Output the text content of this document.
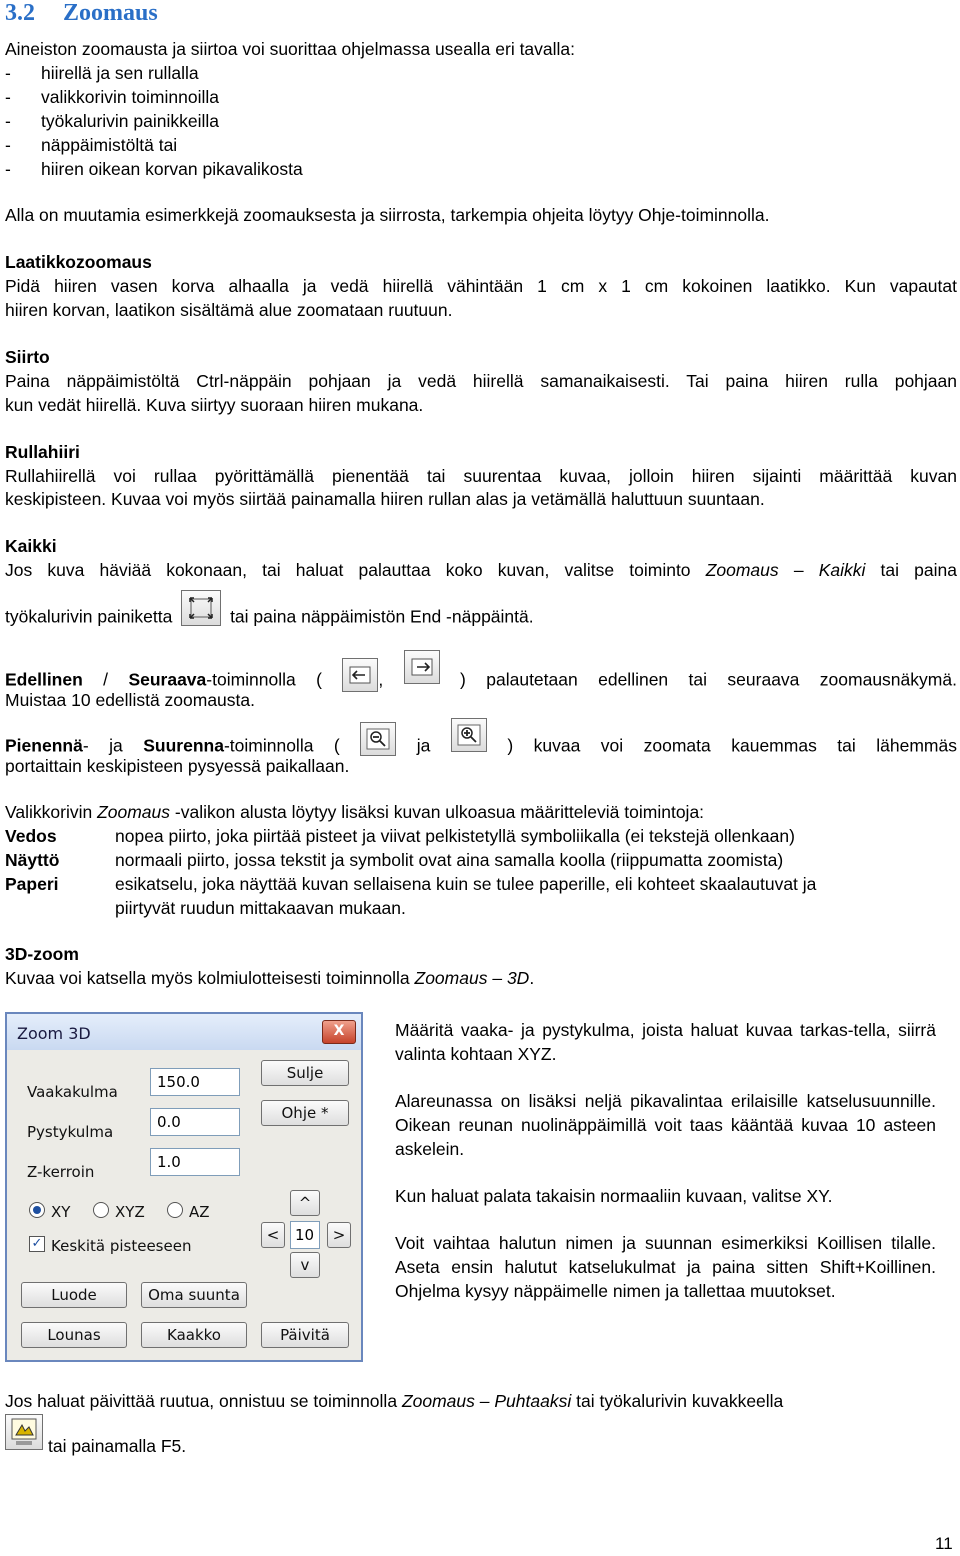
3.2 Zoomaus
Aineiston zoomausta ja siirtoa voi suorittaa ohjelmassa usealla eri tavalla:
- hiirellä ja sen rullalla
- valikkorivin toiminnoilla
- työkalurivin painikkeilla
- näppäimistöltä tai
- hiiren oikean korvan pikavalikosta
Alla on muutamia esimerkkejä zoomauksesta ja siirrosta, tarkempia ohjeita löytyy Ohje-toiminnolla.
Laatikkozoomaus
Pidä hiiren vasen korva alhaalla ja vedä hiirellä vähintään 1 cm x 1 cm kokoinen laatikko. Kun vapautat
hiiren korvan, laatikon sisältämä alue zoomataan ruutuun.
Siirto
Paina näppäimistöltä Ctrl-näppäin pohjaan ja vedä hiirellä samanaikaisesti. Tai paina hiiren rulla pohjaan
kun vedät hiirellä. Kuva siirtyy suoraan hiiren mukana.
Rullahiiri
Rullahiirellä voi rullaa pyörittämällä pienentää tai suurentaa kuvaa, jolloin hiiren sijainti määrittää kuvan
keskipisteen. Kuvaa voi myös siirtää painamalla hiiren rullan alas ja vetämällä haluttuun suuntaan.
Kaikki
Jos kuva häviää kokonaan, tai haluat palauttaa koko kuvan, valitse toiminto Zoomaus – Kaikki tai paina
työkalurivin painiketta	tai paina näppäimistön End -näppäintä.
Edellinen / Seuraava-toiminnolla (	,	) palautetaan edellinen tai seuraava zoomausnäkymä.
Muistaa 10 edellistä zoomausta.
Pienennä- ja Suurenna-toiminnolla (	ja	) kuvaa voi zoomata kauemmas tai lähemmäs
portaittain keskipisteen pysyessä paikallaan.
Valikkorivin Zoomaus -valikon alusta löytyy lisäksi kuvan ulkoasua määritteleviä toimintoja:
Vedos	nopea piirto, joka piirtää pisteet ja viivat pelkistetyllä symboliikalla (ei tekstejä ollenkaan)
Näyttö	normaali piirto, jossa tekstit ja symbolit ovat aina samalla koolla (riippumatta zoomista)
Paperi	esikatselu, joka näyttää kuvan sellaisena kuin se tulee paperille, eli kohteet skaalautuvat ja
piirtyvät ruudun mittakaavan mukaan.
3D-zoom
Kuvaa voi katsella myös kolmiulotteisesti toiminnolla Zoomaus – 3D.
Zoom 3D	X
Vaakakulma
150.0
Pystykulma
0.0
Z-kerroin
1.0
Sulje
Ohje *
XY	XYZ	AZ
✓ Keskitä pisteeseen
^
<	10	>
v
Luode	Oma suunta
Lounas	Kaakko	Päivitä
Määritä vaaka- ja pystykulma, joista haluat kuvaa tarkas-tella, siirrä valinta kohtaan XYZ.
Alareunassa on lisäksi neljä pikavalintaa erilaisille katselusuunnille. Oikean reunan nuolinäppäimillä voit taas kääntää kuvaa 10 asteen askelein.
Kun haluat palata takaisin normaaliin kuvaan, valitse XY.
Voit vaihtaa halutun nimen ja suunnan esimerkiksi Koillisen tilalle. Aseta ensin halutut katselukulmat ja paina sitten Shift+Koillinen. Ohjelma kysyy näppäimelle nimen ja tallettaa muutokset.
Jos haluat päivittää ruutua, onnistuu se toiminnolla Zoomaus – Puhtaaksi tai työkalurivin kuvakkeella
tai painamalla F5.
11
